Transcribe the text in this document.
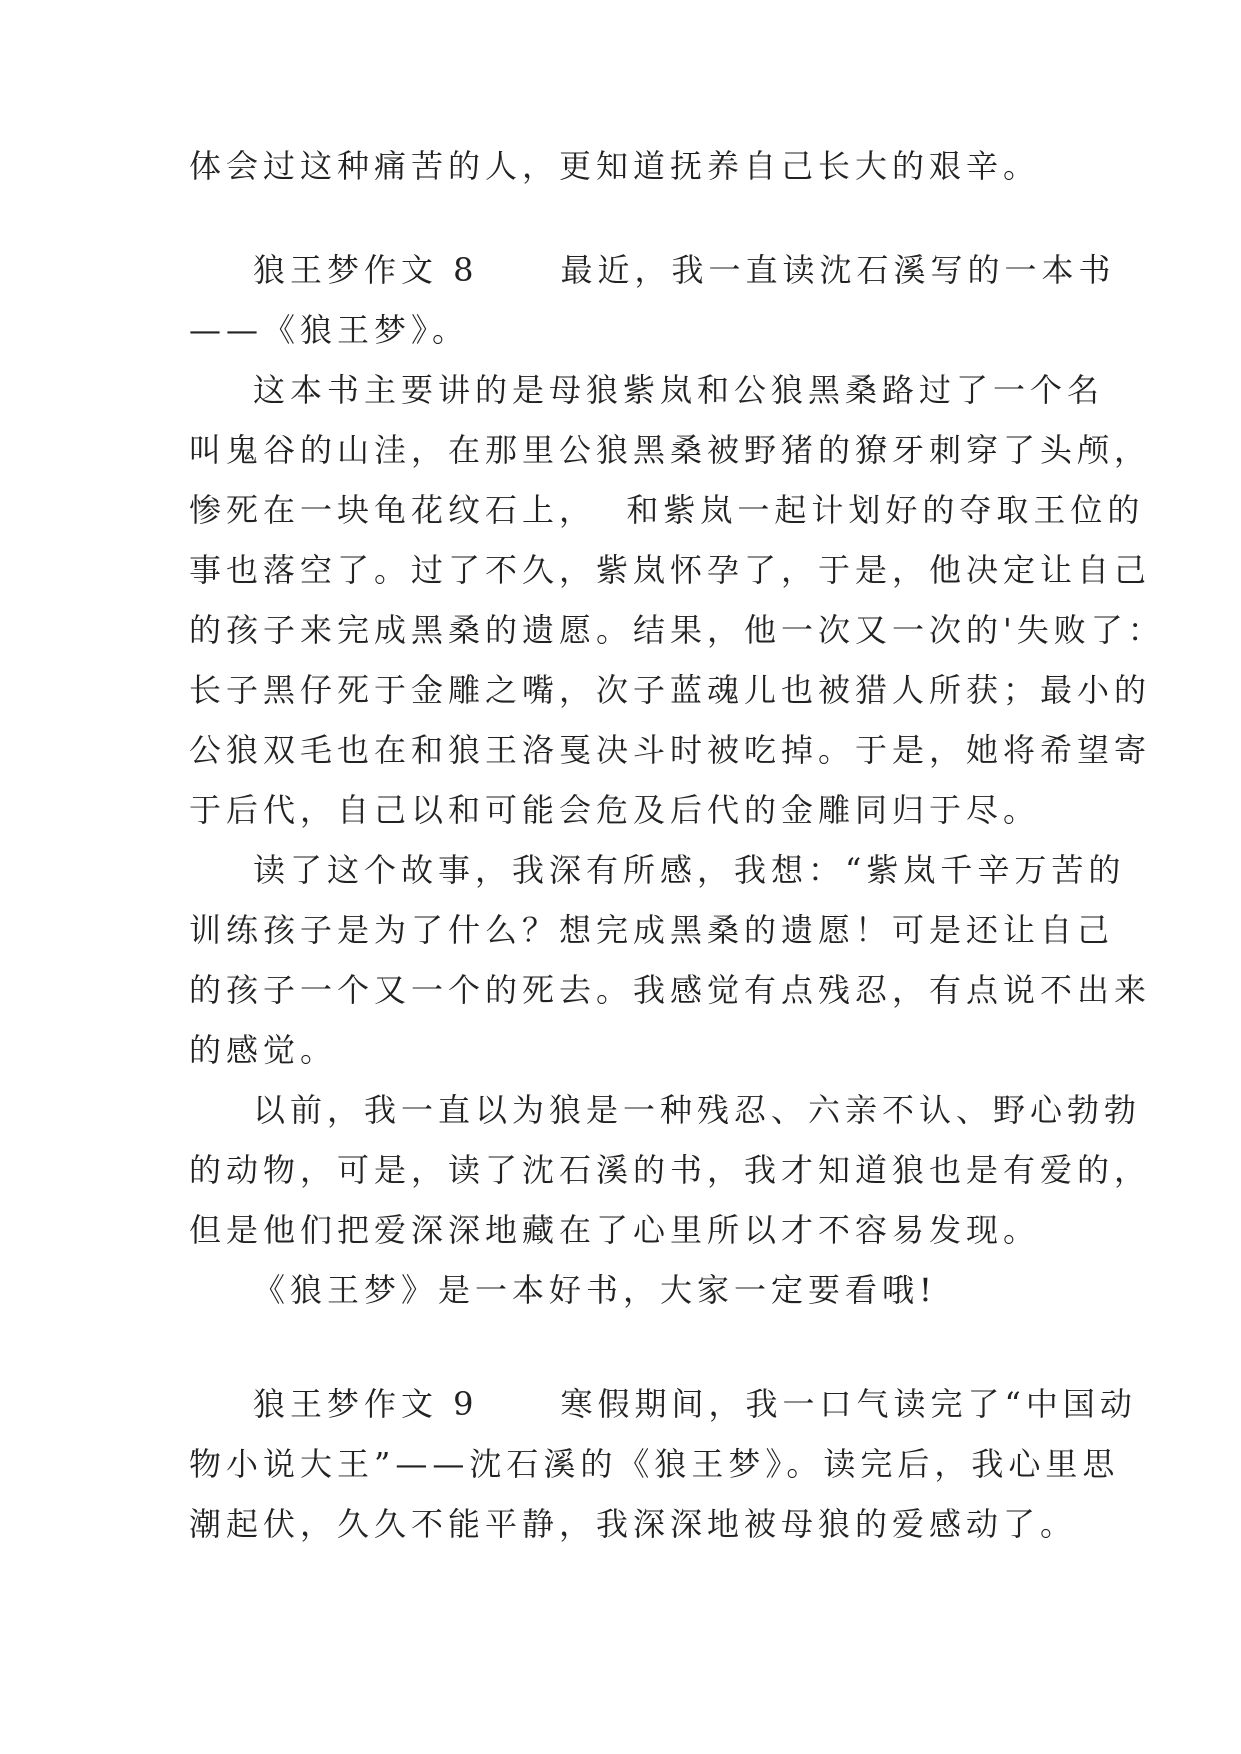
体会过这种痛苦的人，更知道抚养自己长大的艰辛。
狼王梦作文 8	最近，我一直读沈石溪写的一本书
——《狼王梦》。
这本书主要讲的是母狼紫岚和公狼黑桑路过了一个名
叫鬼谷的山洼，在那里公狼黑桑被野猪的獠牙刺穿了头颅，
惨死在一块龟花纹石上，  和紫岚一起计划好的夺取王位的
事也落空了。过了不久，紫岚怀孕了，于是，他决定让自己
的孩子来完成黑桑的遗愿。结果，他一次又一次的'失败了：
长子黑仔死于金雕之嘴，次子蓝魂儿也被猎人所获；最小的
公狼双毛也在和狼王洛戛决斗时被吃掉。于是，她将希望寄
于后代，自己以和可能会危及后代的金雕同归于尽。
读了这个故事，我深有所感，我想：“紫岚千辛万苦的
训练孩子是为了什么？想完成黑桑的遗愿！可是还让自己
的孩子一个又一个的死去。我感觉有点残忍，有点说不出来
的感觉。
以前，我一直以为狼是一种残忍、六亲不认、野心勃勃
的动物，可是，读了沈石溪的书，我才知道狼也是有爱的，
但是他们把爱深深地藏在了心里所以才不容易发现。
《狼王梦》是一本好书，大家一定要看哦!
狼王梦作文 9	寒假期间，我一口气读完了“中国动
物小说大王”——沈石溪的《狼王梦》。读完后，我心里思
潮起伏，久久不能平静，我深深地被母狼的爱感动了。
